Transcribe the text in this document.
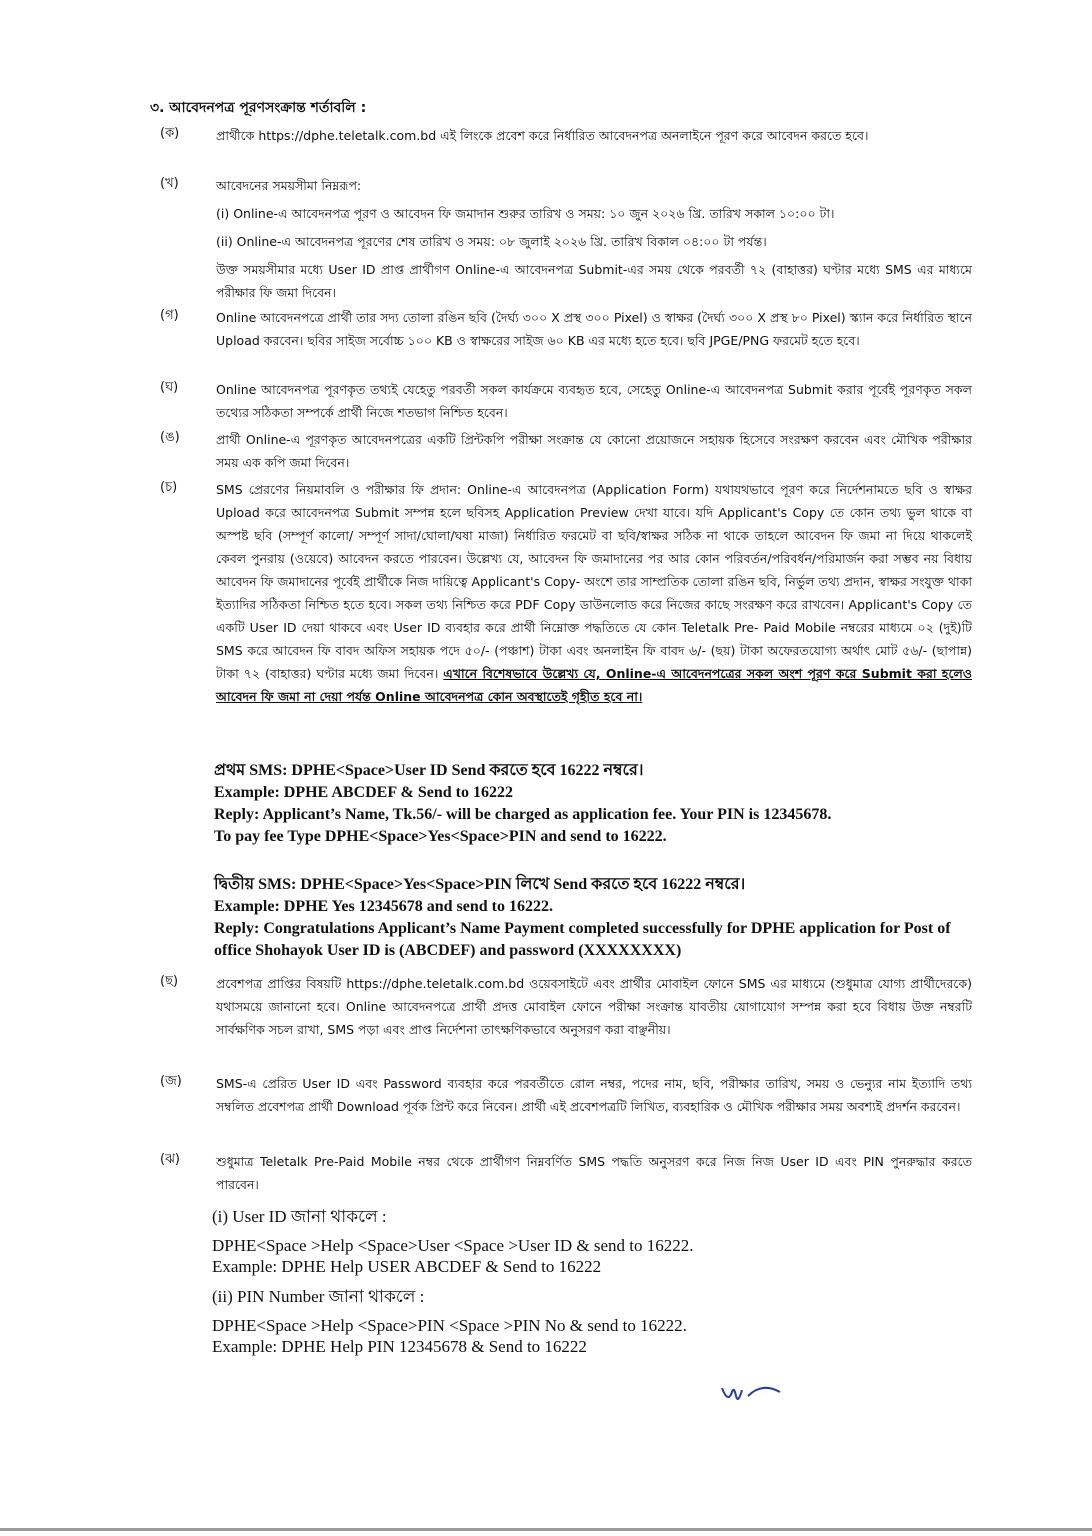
৩. আবেদনপত্র পূরণসংক্রান্ত শর্তাবলি :
(ক)	প্রার্থীকে https://dphe.teletalk.com.bd এই লিংকে প্রবেশ করে নির্ধারিত আবেদনপত্র অনলাইনে পূরণ করে আবেদন করতে হবে।

(খ)	আবেদনের সময়সীমা নিম্নরূপ:

(i) Online-এ আবেদনপত্র পূরণ ও আবেদন ফি জমাদান শুরুর তারিখ ও সময়: ১০ জুন ২০২৬ খ্রি. তারিখ সকাল ১০:০০ টা।

(ii) Online-এ আবেদনপত্র পূরণের শেষ তারিখ ও সময়: ০৮ জুলাই ২০২৬ খ্রি. তারিখ বিকাল ০৪:০০ টা পর্যন্ত।

উক্ত সময়সীমার মধ্যে User ID প্রাপ্ত প্রার্থীগণ Online-এ আবেদনপত্র Submit-এর সময় থেকে পরবর্তী ৭২ (বাহাত্তর) ঘণ্টার মধ্যে SMS এর মাধ্যমে পরীক্ষার ফি জমা দিবেন।

(গ)	Online আবেদনপত্রে প্রার্থী তার সদ্য তোলা রঙিন ছবি (দৈর্ঘ্য ৩০০ X প্রস্থ ৩০০ Pixel) ও স্বাক্ষর (দৈর্ঘ্য ৩০০ X প্রস্থ ৮০ Pixel) স্ক্যান করে নির্ধারিত স্থানে Upload করবেন। ছবির সাইজ সর্বোচ্চ ১০০ KB ও স্বাক্ষরের সাইজ ৬০ KB এর মধ্যে হতে হবে। ছবি JPGE/PNG ফরমেট হতে হবে।

(ঘ)	Online আবেদনপত্র পূরণকৃত তথ্যই যেহেতু পরবর্তী সকল কার্যক্রমে ব্যবহৃত হবে, সেহেতু Online-এ আবেদনপত্র Submit করার পূর্বেই পূরণকৃত সকল তথ্যের সঠিকতা সম্পর্কে প্রার্থী নিজে শতভাগ নিশ্চিত হবেন।

(ঙ)	প্রার্থী Online-এ পূরণকৃত আবেদনপত্রের একটি প্রিন্টকপি পরীক্ষা সংক্রান্ত যে কোনো প্রয়োজনে সহায়ক হিসেবে সংরক্ষণ করবেন এবং মৌখিক পরীক্ষার সময় এক কপি জমা দিবেন।

(চ)	SMS প্রেরণের নিয়মাবলি ও পরীক্ষার ফি প্রদান: Online-এ আবেদনপত্র (Application Form) যথাযথভাবে পূরণ করে নির্দেশনামতে ছবি ও স্বাক্ষর Upload করে আবেদনপত্র Submit সম্পন্ন হলে ছবিসহ Application Preview দেখা যাবে। যদি Applicant's Copy তে কোন তথ্য ভুল থাকে বা অস্পষ্ট ছবি (সম্পূর্ণ কালো/ সম্পূর্ণ সাদা/ঘোলা/ঘষা মাজা) নির্ধারিত ফরমেট বা ছবি/স্বাক্ষর সঠিক না থাকে তাহলে আবেদন ফি জমা না দিয়ে থাকলেই কেবল পুনরায় (ওয়েবে) আবেদন করতে পারবেন। উল্লেখ্য যে, আবেদন ফি জমাদানের পর আর কোন পরিবর্তন/পরিবর্ধন/পরিমার্জন করা সম্ভব নয় বিধায় আবেদন ফি জমাদানের পূর্বেই প্রার্থীকে নিজ দায়িত্বে Applicant's Copy- অংশে তার সাম্প্রতিক তোলা রঙিন ছবি, নির্ভুল তথ্য প্রদান, স্বাক্ষর সংযুক্ত থাকা ইত্যাদির সঠিকতা নিশ্চিত হতে হবে। সকল তথ্য নিশ্চিত করে PDF Copy ডাউনলোড করে নিজের কাছে সংরক্ষণ করে রাখবেন। Applicant's Copy তে একটি User ID দেয়া থাকবে এবং User ID ব্যবহার করে প্রার্থী নিম্নোক্ত পদ্ধতিতে যে কোন Teletalk Pre- Paid Mobile নম্বরের মাধ্যমে ০২ (দুই)টি SMS করে আবেদন ফি বাবদ অফিস সহায়ক পদে ৫০/- (পঞ্চাশ) টাকা এবং অনলাইন ফি বাবদ ৬/- (ছয়) টাকা অফেরতযোগ্য অর্থাৎ মোট ৫৬/- (ছাপান্ন) টাকা ৭২ (বাহাত্তর) ঘণ্টার মধ্যে জমা দিবেন। এখানে বিশেষভাবে উল্লেখ্য যে, Online-এ আবেদনপত্রের সকল অংশ পূরণ করে Submit করা হলেও আবেদন ফি জমা না দেয়া পর্যন্ত Online আবেদনপত্র কোন অবস্থাতেই গৃহীত হবে না।

প্রথম SMS: DPHE<Space>User ID Send করতে হবে 16222 নম্বরে।

Example: DPHE ABCDEF & Send to 16222

Reply: Applicant’s Name, Tk.56/- will be charged as application fee. Your PIN is 12345678.

To pay fee Type DPHE<Space>Yes<Space>PIN and send to 16222.

দ্বিতীয় SMS: DPHE<Space>Yes<Space>PIN লিখে Send করতে হবে 16222 নম্বরে।

Example: DPHE Yes 12345678 and send to 16222.

Reply: Congratulations Applicant’s Name Payment completed successfully for DPHE application for Post of office Shohayok User ID is (ABCDEF) and password (XXXXXXXX)

(ছ)	প্রবেশপত্র প্রাপ্তির বিষয়টি https://dphe.teletalk.com.bd ওয়েবসাইটে এবং প্রার্থীর মোবাইল ফোনে SMS এর মাধ্যমে (শুধুমাত্র যোগ্য প্রার্থীদেরকে) যথাসময়ে জানানো হবে। Online আবেদনপত্রে প্রার্থী প্রদত্ত মোবাইল ফোনে পরীক্ষা সংক্রান্ত যাবতীয় যোগাযোগ সম্পন্ন করা হবে বিধায় উক্ত নম্বরটি সার্বক্ষণিক সচল রাখা, SMS পড়া এবং প্রাপ্ত নির্দেশনা তাৎক্ষণিকভাবে অনুসরণ করা বাঞ্ছনীয়।

(জ)	SMS-এ প্রেরিত User ID এবং Password ব্যবহার করে পরবর্তীতে রোল নম্বর, পদের নাম, ছবি, পরীক্ষার তারিখ, সময় ও ভেন্যুর নাম ইত্যাদি তথ্য সম্বলিত প্রবেশপত্র প্রার্থী Download পূর্বক প্রিন্ট করে নিবেন। প্রার্থী এই প্রবেশপত্রটি লিখিত, ব্যবহারিক ও মৌখিক পরীক্ষার সময় অবশ্যই প্রদর্শন করবেন।

(ঝ)	শুধুমাত্র Teletalk Pre-Paid Mobile নম্বর থেকে প্রার্থীগণ নিম্নবর্ণিত SMS পদ্ধতি অনুসরণ করে নিজ নিজ User ID এবং PIN পুনরুদ্ধার করতে পারবেন।

(i) User ID জানা থাকলে :

DPHE<Space >Help <Space>User <Space >User ID & send to 16222.

Example: DPHE Help USER ABCDEF & Send to 16222

(ii) PIN Number জানা থাকলে :

DPHE<Space >Help <Space>PIN <Space >PIN No & send to 16222.

Example: DPHE Help PIN 12345678 & Send to 16222
